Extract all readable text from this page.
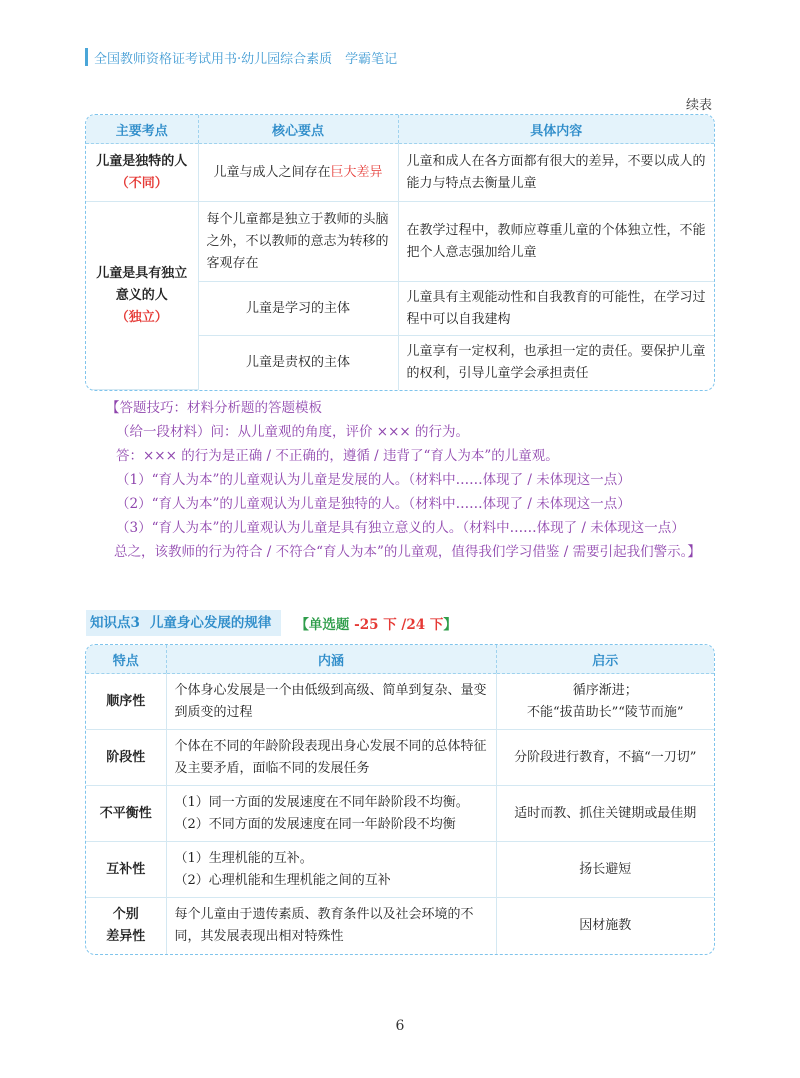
全国教师资格证考试用书·幼儿园综合素质　学霸笔记
续表
主要考点	核心要点	具体内容

儿童是独特的人
（不同）	儿童与成人之间存在巨大差异	儿童和成人在各方面都有很大的差异，不要以成人的能力与特点去衡量儿童

儿童是具有独立
意义的人
（独立）	每个儿童都是独立于教师的头脑之外，不以教师的意志为转移的客观存在	在教学过程中，教师应尊重儿童的个体独立性，不能把个人意志强加给儿童
	儿童是学习的主体	儿童具有主观能动性和自我教育的可能性，在学习过程中可以自我建构
	儿童是责权的主体	儿童享有一定权利，也承担一定的责任。要保护儿童的权利，引导儿童学会承担责任

【答题技巧：材料分析题的答题模板

（给一段材料）问：从儿童观的角度，评价 ××× 的行为。

答：××× 的行为是正确 / 不正确的，遵循 / 违背了“育人为本”的儿童观。

（1）“育人为本”的儿童观认为儿童是发展的人。（材料中……体现了 / 未体现这一点）

（2）“育人为本”的儿童观认为儿童是独特的人。（材料中……体现了 / 未体现这一点）

（3）“育人为本”的儿童观认为儿童是具有独立意义的人。（材料中……体现了 / 未体现这一点）

总之，该教师的行为符合 / 不符合“育人为本”的儿童观，值得我们学习借鉴 / 需要引起我们警示。】

知识点3 儿童身心发展的规律	【单选题 -25 下 /24 下】
特点	内涵	启示
顺序性	个体身心发展是一个由低级到高级、简单到复杂、量变到质变的过程	循序渐进；
不能“拔苗助长”“陵节而施”

阶段性	个体在不同的年龄阶段表现出身心发展不同的总体特征及主要矛盾，面临不同的发展任务	分阶段进行教育，不搞“一刀切”
不平衡性	（1）同一方面的发展速度在不同年龄阶段不均衡。
（2）不同方面的发展速度在同一年龄阶段不均衡	适时而教、抓住关键期或最佳期
互补性	（1）生理机能的互补。
（2）心理机能和生理机能之间的互补	扬长避短

个别
差异性	每个儿童由于遗传素质、教育条件以及社会环境的不同，其发展表现出相对特殊性	因材施教
6
